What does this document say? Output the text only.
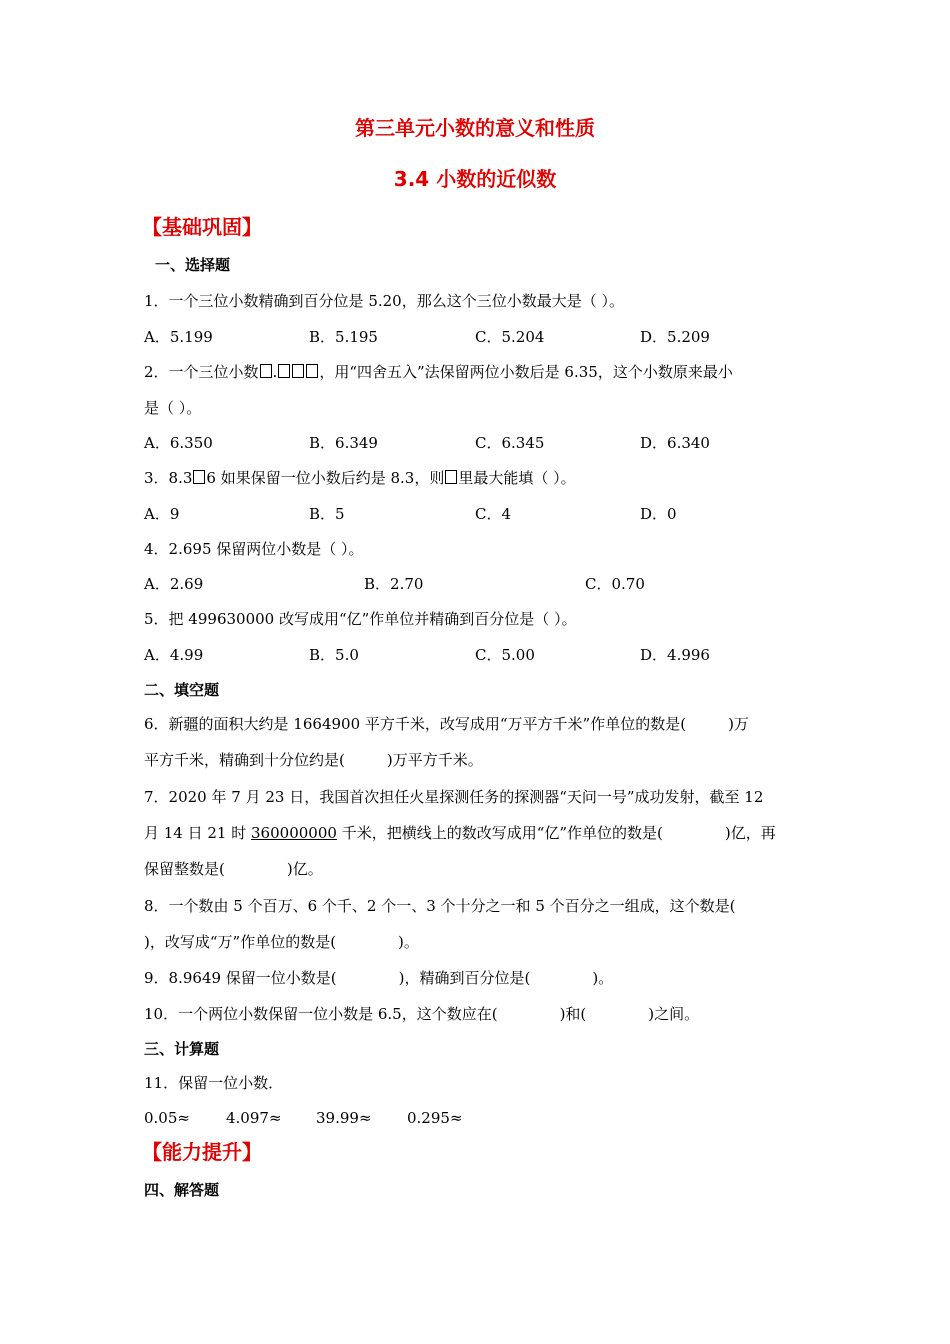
第三单元小数的意义和性质
3.4 小数的近似数
【基础巩固】
一、选择题
1．一个三位小数精确到百分位是 5.20，那么这个三位小数最大是（ ）。
A．5.199	B．5.195	C．5.204	D．5.209
2．一个三位小数 .	，用“四舍五入”法保留两位小数后是 6.35，这个小数原来最小
是（ ）。
A．6.350	B．6.349	C．6.345	D．6.340
3．8.3 6 如果保留一位小数后约是 8.3，则 里最大能填（ ）。
A．9	B．5	C．4	D．0
4．2.695 保留两位小数是（ ）。
A．2.69	B．2.70	C．0.70
5．把 499630000 改写成用“亿”作单位并精确到百分位是（ ）。
A．4.99	B．5.0	C．5.00	D．4.996
二、填空题
6．新疆的面积大约是 1664900 平方千米，改写成用“万平方千米”作单位的数是(	)万
平方千米，精确到十分位约是(	)万平方千米。
7．2020 年 7 月 23 日，我国首次担任火星探测任务的探测器“天问一号”成功发射，截至 12
月 14 日 21 时 360000000 千米，把横线上的数改写成用“亿”作单位的数是(	)亿，再
保留整数是(	)亿。
8．一个数由 5 个百万、6 个千、2 个一、3 个十分之一和 5 个百分之一组成，这个数是(
)，改写成“万”作单位的数是(	)。
9．8.9649 保留一位小数是(	)，精确到百分位是(	)。
10．一个两位小数保留一位小数是 6.5，这个数应在(	)和(	)之间。
三、计算题
11．保留一位小数．
0.05≈ 4.097≈ 39.99≈ 0.295≈
【能力提升】
四、解答题
